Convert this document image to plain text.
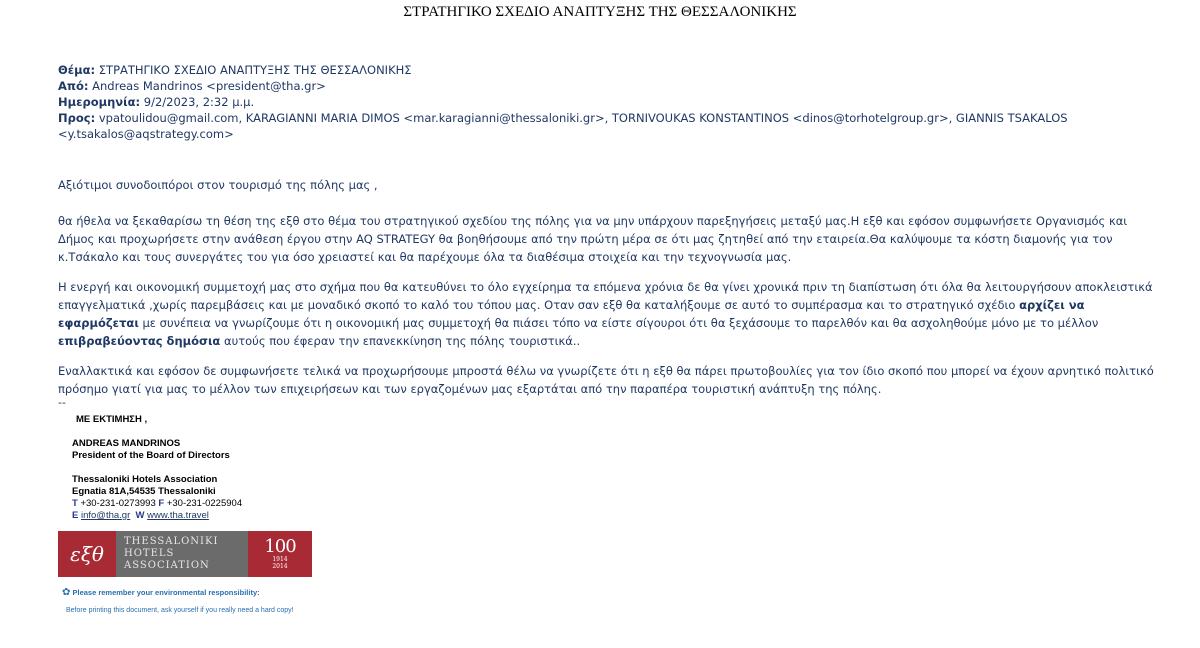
ΣΤΡΑΤΗΓΙΚΟ ΣΧΕΔΙΟ ΑΝΑΠΤΥΞΗΣ ΤΗΣ ΘΕΣΣΑΛΟΝΙΚΗΣ
Θέμα: ΣΤΡΑΤΗΓΙΚΟ ΣΧΕΔΙΟ ΑΝΑΠΤΥΞΗΣ ΤΗΣ ΘΕΣΣΑΛΟΝΙΚΗΣ
Από: Andreas Mandrinos <president@tha.gr>
Ημερομηνία: 9/2/2023, 2:32 μ.μ.
Προς: vpatoulidou@gmail.com, KARAGIANNI MARIA DIMOS <mar.karagianni@thessaloniki.gr>, TORNIVOUKAS KONSTANTINOS <dinos@torhotelgroup.gr>, GIANNIS TSAKALOS <y.tsakalos@aqstrategy.com>

Αξιότιμοι συνοδοιπόροι στον τουρισμό της πόλης μας ,

θα ήθελα να ξεκαθαρίσω τη θέση της εξθ στο θέμα του στρατηγικού σχεδίου της πόλης για να μην υπάρχουν παρεξηγήσεις μεταξύ μας.Η εξθ και εφόσον συμφωνήσετε Οργανισμός και Δήμος και προχωρήσετε στην ανάθεση έργου στην AQ STRATEGY θα βοηθήσουμε από την πρώτη μέρα σε ότι μας ζητηθεί από την εταιρεία.Θα καλύψουμε τα κόστη διαμονής για τον κ.Τσάκαλο και τους συνεργάτες του για όσο χρειαστεί και θα παρέχουμε όλα τα διαθέσιμα στοιχεία και την τεχνογνωσία μας.

Η ενεργή και οικονομική συμμετοχή μας στο σχήμα που θα κατευθύνει το όλο εγχείρημα τα επόμενα χρόνια δε θα γίνει χρονικά πριν τη διαπίστωση ότι όλα θα λειτουργήσουν αποκλειστικά επαγγελματικά ,χωρίς παρεμβάσεις και με μοναδικό σκοπό το καλό του τόπου μας. Οταν σαν εξθ θα καταλήξουμε σε αυτό το συμπέρασμα και το στρατηγικό σχέδιο αρχίζει να εφαρμόζεται με συνέπεια να γνωρίζουμε ότι η οικονομική μας συμμετοχή θα πιάσει τόπο να είστε σίγουροι ότι θα ξεχάσουμε το παρελθόν και θα ασχοληθούμε μόνο με το μέλλον επιβραβεύοντας δημόσια αυτούς που έφεραν την επανεκκίνηση της πόλης τουριστικά..

Εναλλακτικά και εφόσον δε συμφωνήσετε τελικά να προχωρήσουμε μπροστά θέλω να γνωρίζετε ότι η εξθ θα πάρει πρωτοβουλίες για τον ίδιο σκοπό που μπορεί να έχουν αρνητικό πολιτικό πρόσημο γιατί για μας το μέλλον των επιχειρήσεων και των εργαζομένων μας εξαρτάται από την παραπέρα τουριστική ανάπτυξη της πόλης.

--
ΜΕ ΕΚΤΙΜΗΣΗ ,
ANDREAS MANDRINOS
President of the Board of Directors
Thessaloniki Hotels Association
Egnatia 81A,54535 Thessaloniki
T +30-231-0273993 F +30-231-0225904
E info@tha.gr W www.tha.travel
εξθ
THESSALONIKI
HOTELS
ASSOCIATION
100
1914
2014
✿ Please remember your environmental responsibility:
Before printing this document, ask yourself if you really need a hard copy!
